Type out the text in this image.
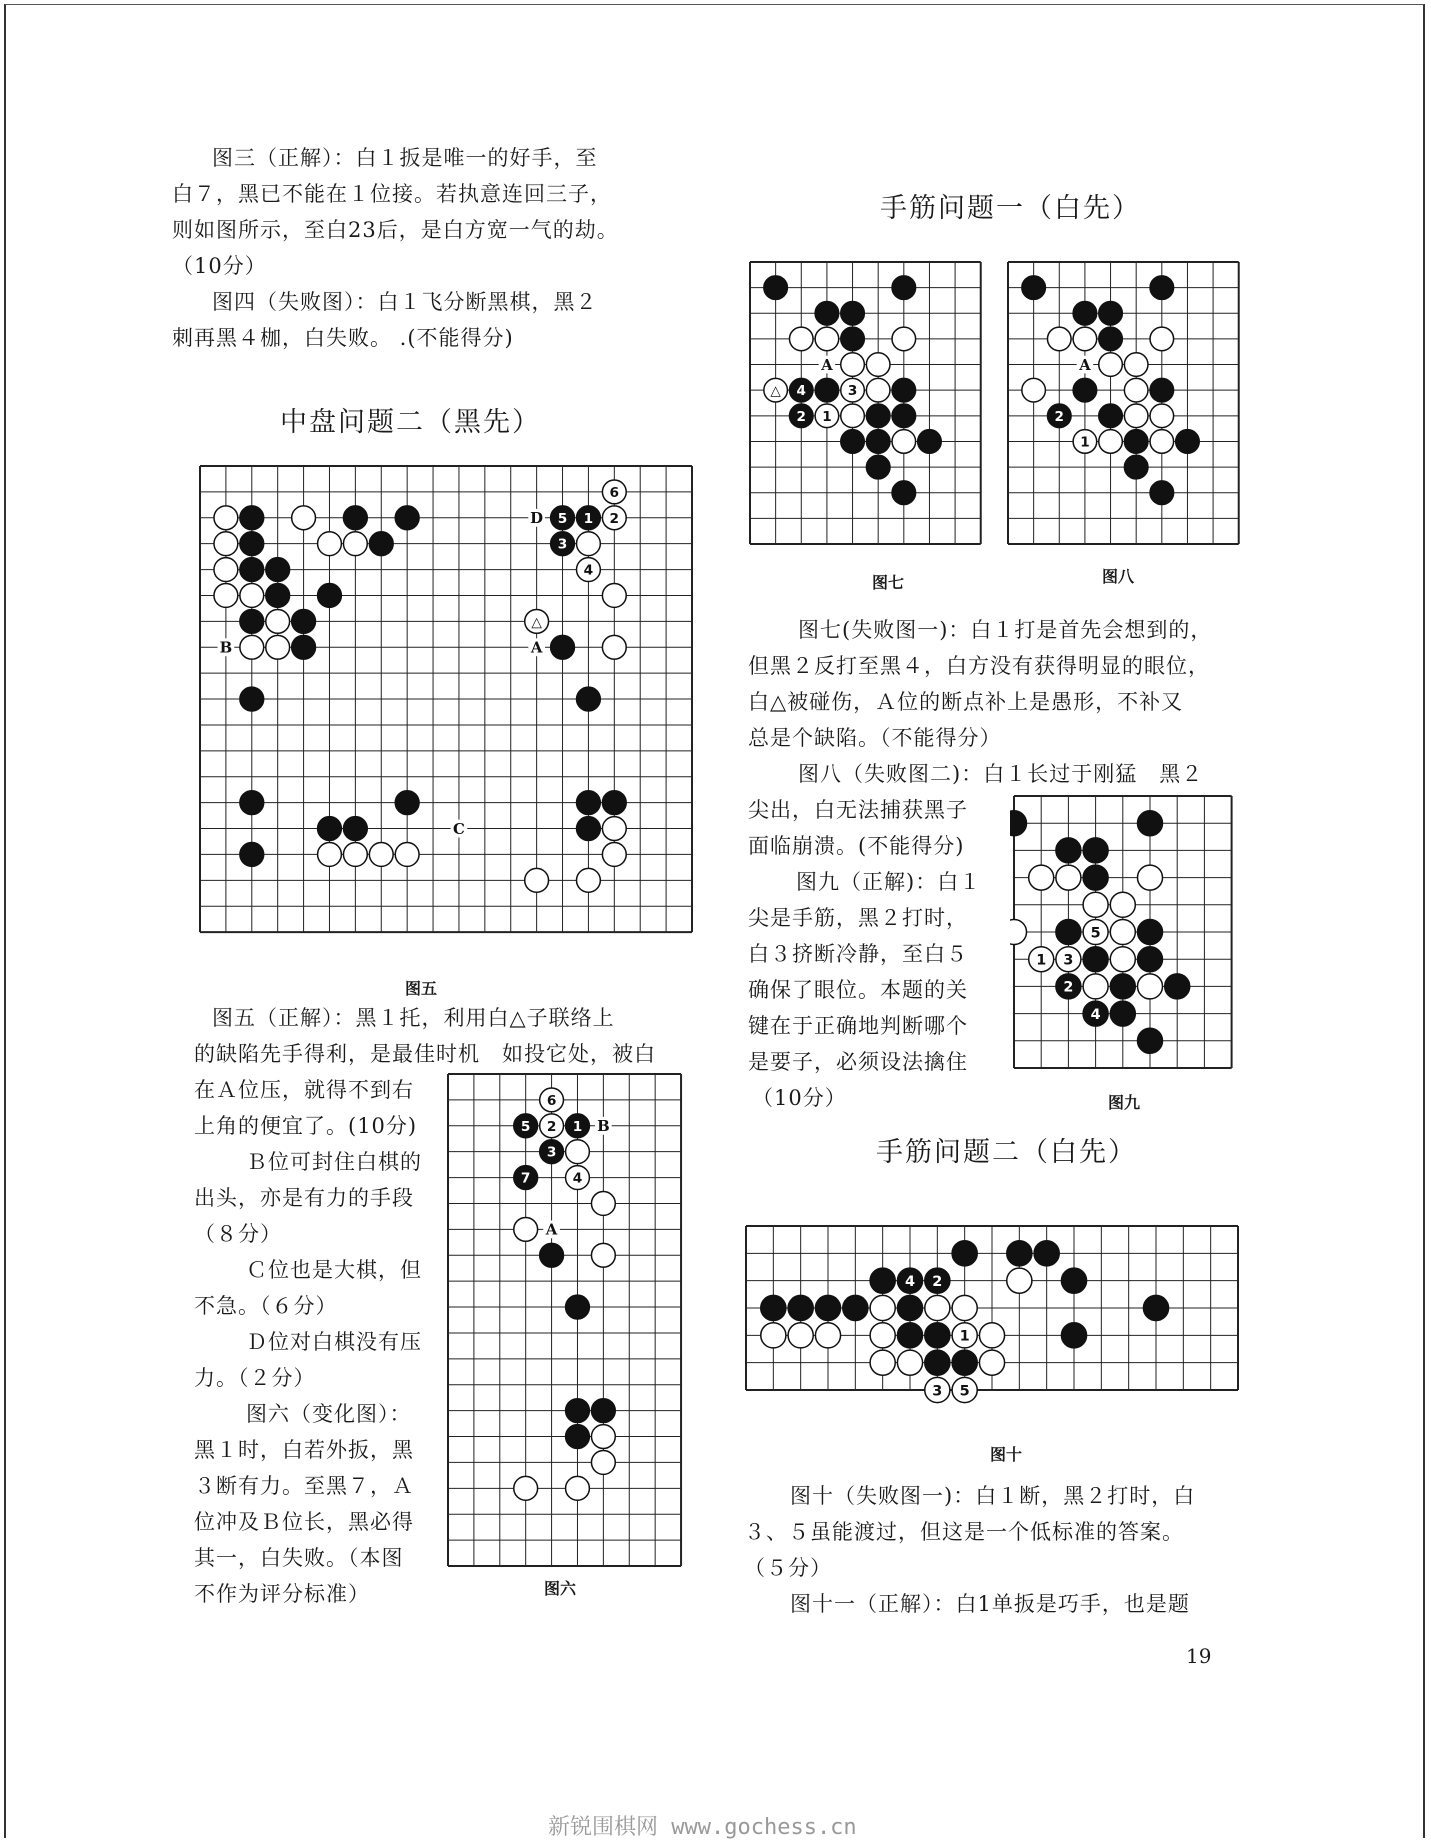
图三（正解）：白１扳是唯一的好手，至
白７，黑已不能在１位接。若执意连回三子，
则如图所示，至白23后，是白方宽一气的劫。
（10分）
图四（失败图）：白１飞分断黑棋，黑２
刺再黑４枷，白失败。 .(不能得分)
中盘问题二（黑先）
5 1 2
6
3
4
△
D
A
B
C
图五
图五（正解）：黑１托，利用白△子联络上
的缺陷先手得利，是最佳时机　如投它处，被白
在Ａ位压，就得不到右
上角的便宜了。(10分)
Ｂ位可封住白棋的
出头，亦是有力的手段
（８分）
Ｃ位也是大棋，但
不急。（６分）
Ｄ位对白棋没有压
力。（２分）
图六（变化图）：
黑１时，白若外扳，黑
３断有力。至黑７，Ａ
位冲及Ｂ位长，黑必得
其一，白失败。（本图
不作为评分标准）
6
5 2 1
3
7	4
B
A
图六
手筋问题一（白先）
△ 4	3
2 1
A
图七
2
1
A
图八
图七(失败图一)：白１打是首先会想到的，
但黑２反打至黑４，白方没有获得明显的眼位，
白△被碰伤，Ａ位的断点补上是愚形，不补又
总是个缺陷。（不能得分）
图八（失败图二)：白１长过于刚猛　黑２
尖出，白无法捕获黑子
面临崩溃。(不能得分)
图九（正解)：白１
尖是手筋，黑２打时，
白３挤断冷静，至白５
确保了眼位。本题的关
键在于正确地判断哪个
是要子，必须设法擒住
（10分）
5
1 3
2
4
图九
手筋问题二（白先）
4 2
1
3 5
图十
图十（失败图一)：白１断，黑２打时，白
３、５虽能渡过，但这是一个低标准的答案。
（５分）
图十一（正解）：白1单扳是巧手，也是题
19
新锐围棋网 www.gochess.cn
